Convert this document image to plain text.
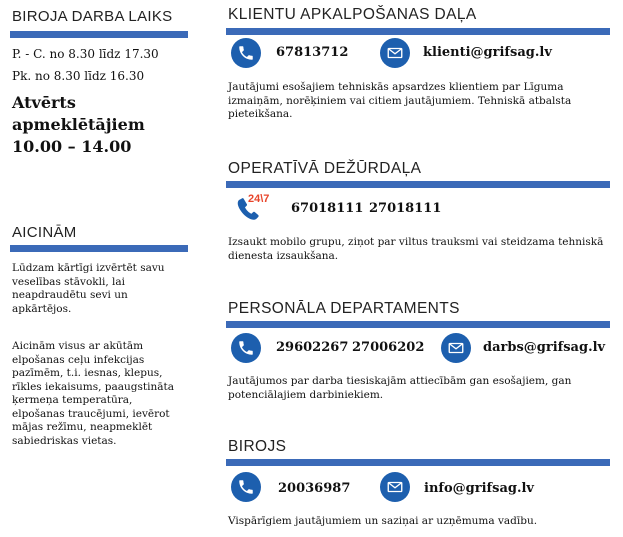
BIROJA DARBA LAIKS
P. - C. no 8.30 līdz 17.30
Pk. no 8.30 līdz 16.30
Atvērts
apmeklētājiem
10.00 – 14.00
AICINĀM
Lūdzam kārtīgi izvērtēt savu
veselības stāvokli, lai
neapdraudētu sevi un
apkārtējos.
Aicinām visus ar akūtām
elpošanas ceļu infekcijas
pazīmēm, t.i. iesnas, klepus,
rīkles iekaisums, paaugstināta
ķermeņa temperatūra,
elpošanas traucējumi, ievērot
mājas režīmu, neapmeklēt
sabiedriskas vietas.
KLIENTU APKALPOŠANAS DAĻA
67813712	klienti@grifsag.lv
Jautājumi esošajiem tehniskās apsardzes klientiem par Līguma
izmaiņām, norēķiniem vai citiem jautājumiem. Tehniskā atbalsta
pieteikšana.
OPERATĪVĀ DEŽŪRDAĻA
24\7
67018111 27018111
Izsaukt mobilo grupu, ziņot par viltus trauksmi vai steidzama tehniskā
dienesta izsaukšana.
PERSONĀLA DEPARTAMENTS
29602267 27006202	darbs@grifsag.lv
Jautājumos par darba tiesiskajām attiecībām gan esošajiem, gan
potenciālajiem darbiniekiem.
BIROJS
20036987	info@grifsag.lv
Vispārīgiem jautājumiem un saziņai ar uzņēmuma vadību.
